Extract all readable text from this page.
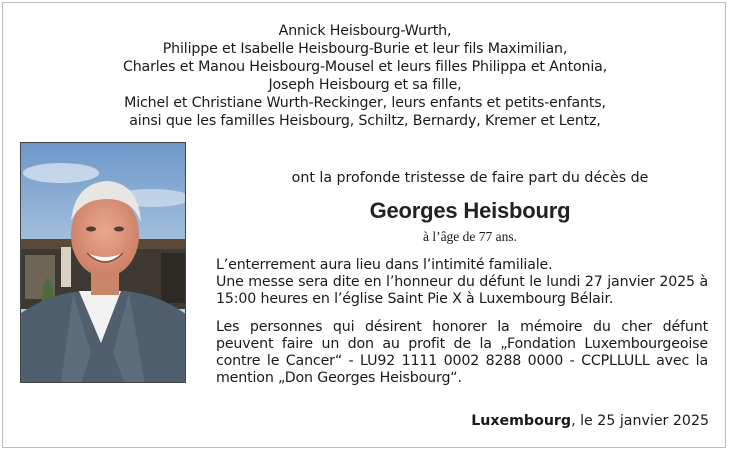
Annick Heisbourg-Wurth,
Philippe et Isabelle Heisbourg-Burie et leur fils Maximilian,
Charles et Manou Heisbourg-Mousel et leurs filles Philippa et Antonia,
Joseph Heisbourg et sa fille,
Michel et Christiane Wurth-Reckinger, leurs enfants et petits-enfants,
ainsi que les familles Heisbourg, Schiltz, Bernardy, Kremer et Lentz,
ont la profonde tristesse de faire part du décès de
Georges Heisbourg
à l’âge de 77 ans.
L’enterrement aura lieu dans l’intimité familiale.
Une messe sera dite en l’honneur du défunt le lundi 27 janvier 2025 à
15:00 heures en l’église Saint Pie X à Luxembourg Bélair.
Les personnes qui désirent honorer la mémoire du cher défunt
peuvent faire un don au profit de la „Fondation Luxembourgeoise
contre le Cancer“ - LU92 1111 0002 8288 0000 - CCPLLULL avec la
mention „Don Georges Heisbourg“.
Luxembourg, le 25 janvier 2025
